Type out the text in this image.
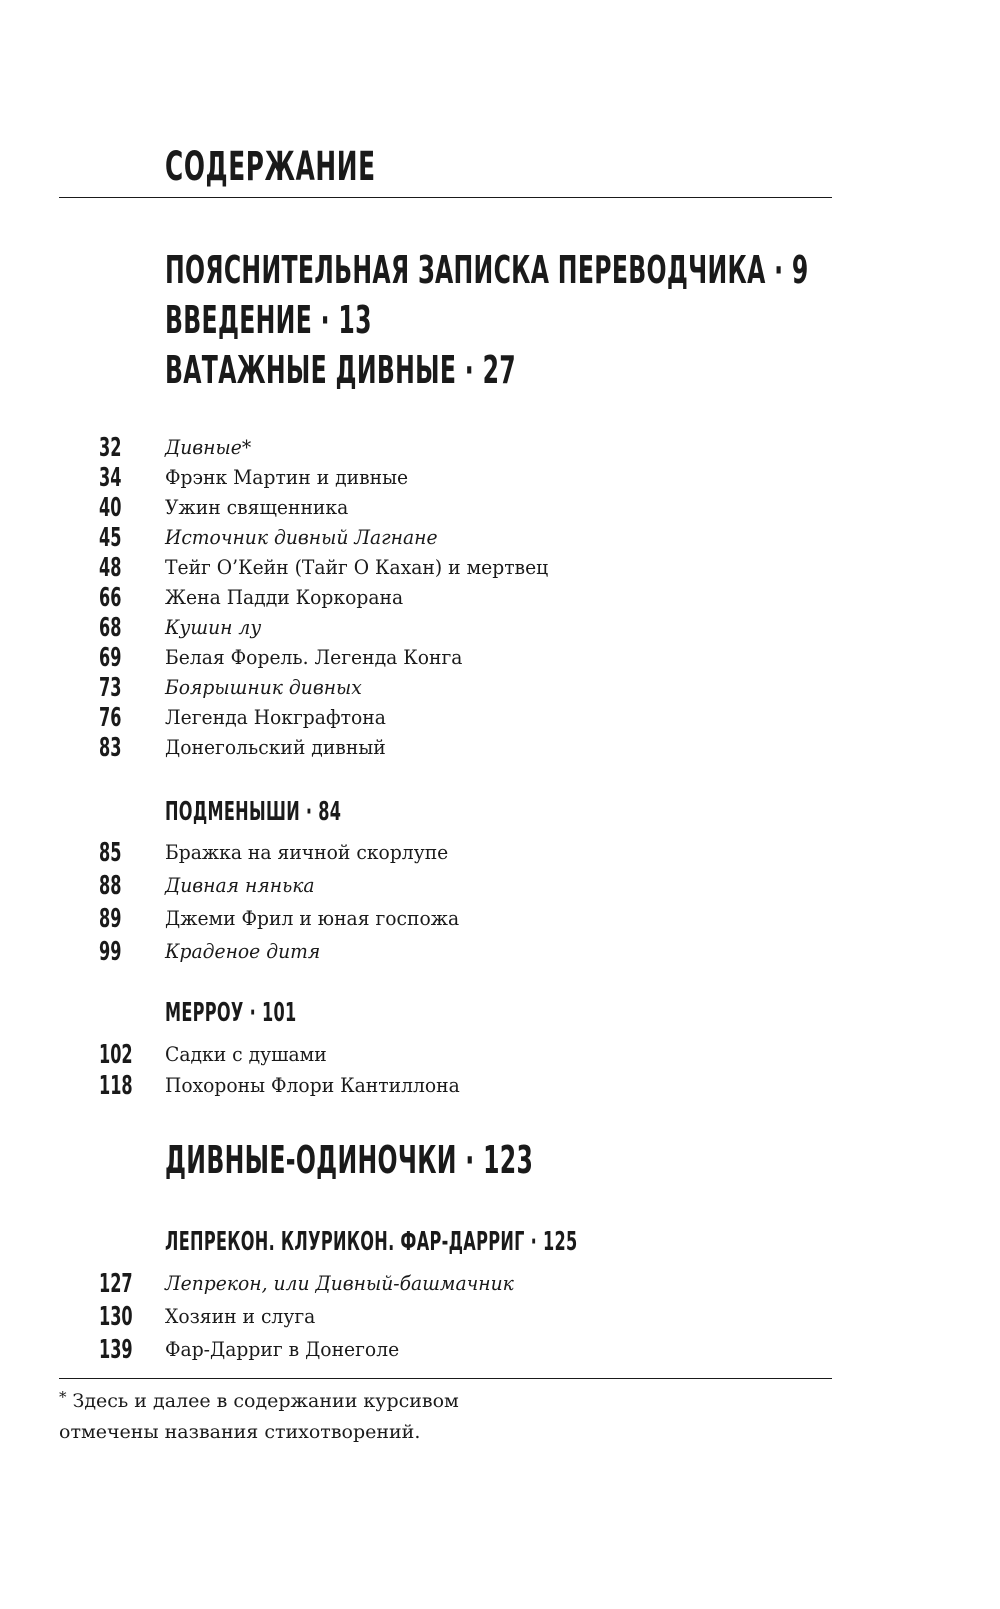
СОДЕРЖАНИЕ
ПОЯСНИТЕЛЬНАЯ ЗАПИСКА ПЕРЕВОДЧИКА · 9
ВВЕДЕНИЕ · 13
ВАТАЖНЫЕ ДИВНЫЕ · 27
32 Дивные*
34 Фрэнк Мартин и дивные
40 Ужин священника
45 Источник дивный Лагнане
48 Тейг О’Кейн (Тайг О Кахан) и мертвец
66 Жена Падди Коркорана
68 Кушин лу
69 Белая Форель. Легенда Конга
73 Боярышник дивных
76 Легенда Нокграфтона
83 Донегольский дивный
ПОДМЕНЫШИ · 84
85 Бражка на яичной скорлупе
88 Дивная нянька
89 Джеми Фрил и юная госпожа
99 Краденое дитя
МЕРРОУ · 101
102 Садки с душами
118 Похороны Флори Кантиллона
ДИВНЫЕ-ОДИНОЧКИ · 123
ЛЕПРЕКОН. КЛУРИКОН. ФАР-ДАРРИГ · 125
127 Лепрекон, или Дивный-башмачник
130 Хозяин и слуга
139 Фар-Дарриг в Донеголе
* Здесь и далее в содержании курсивом
отмечены названия стихотворений.
